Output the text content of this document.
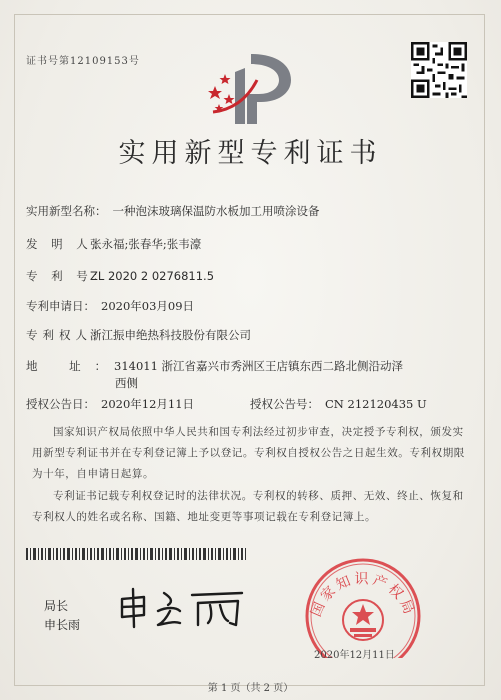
证书号第12109153号
实用新型专利证书
实用新型名称： 一种泡沫玻璃保温防水板加工用喷涂设备
发 明 人：张永福;张春华;张韦濠
专 利 号：ZL 2020 2 0276811.5
专利申请日： 2020年03月09日
专利权人：浙江振申绝热科技股份有限公司
地 址：314011 浙江省嘉兴市秀洲区王店镇东西二路北侧沿动泽
西侧
授权公告日： 2020年12月11日	授权公告号： CN 212120435 U
国家知识产权局依照中华人民共和国专利法经过初步审查，决定授予专利权，颁发实用新型专利证书并在专利登记簿上予以登记。专利权自授权公告之日起生效。专利权期限为十年，自申请日起算。
专利证书记载专利权登记时的法律状况。专利权的转移、质押、无效、终止、恢复和专利权人的姓名或名称、国籍、地址变更等事项记载在专利登记簿上。
局长
申长雨
国家知识产权局
2020年12月11日
第 1 页（共 2 页）
